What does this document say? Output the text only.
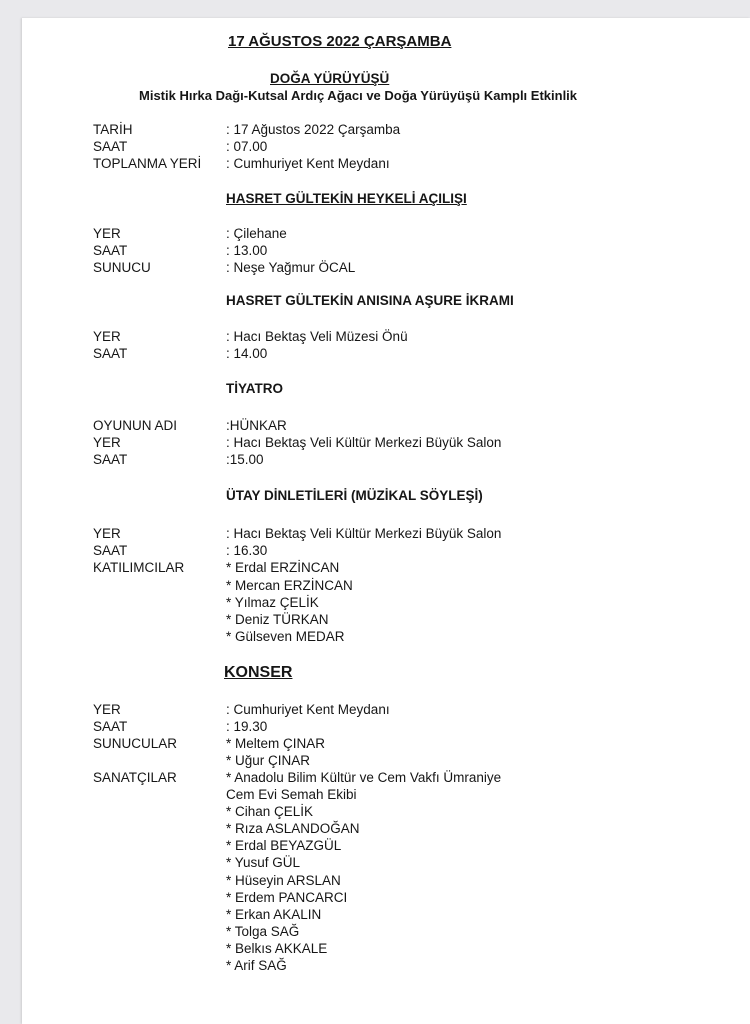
17 AĞUSTOS 2022 ÇARŞAMBA
DOĞA YÜRÜYÜŞÜ
Mistik Hırka Dağı-Kutsal Ardıç Ağacı ve Doğa Yürüyüşü Kamplı Etkinlik
HASRET GÜLTEKİN HEYKELİ AÇILIŞI
HASRET GÜLTEKİN ANISINA AŞURE İKRAMI
TİYATRO
ÜTAY DİNLETİLERİ (MÜZİKAL SÖYLEŞİ)
KONSER
TARİH	: 17 Ağustos 2022 Çarşamba
SAAT	: 07.00
TOPLANMA YERİ : Cumhuriyet Kent Meydanı
YER	: Çilehane
SAAT	: 13.00
SUNUCU	: Neşe Yağmur ÖCAL
YER	: Hacı Bektaş Veli Müzesi Önü
SAAT	: 14.00
OYUNUN ADI	:HÜNKAR
YER	: Hacı Bektaş Veli Kültür Merkezi Büyük Salon
SAAT	:15.00
YER	: Hacı Bektaş Veli Kültür Merkezi Büyük Salon
SAAT	: 16.30
KATILIMCILAR	* Erdal ERZİNCAN
* Mercan ERZİNCAN
* Yılmaz ÇELİK
* Deniz TÜRKAN
* Gülseven MEDAR
YER	: Cumhuriyet Kent Meydanı
SAAT	: 19.30
SUNUCULAR	* Meltem ÇINAR
* Uğur ÇINAR
SANATÇILAR	* Anadolu Bilim Kültür ve Cem Vakfı Ümraniye
Cem Evi Semah Ekibi
* Cihan ÇELİK
* Rıza ASLANDOĞAN
* Erdal BEYAZGÜL
* Yusuf GÜL
* Hüseyin ARSLAN
* Erdem PANCARCI
* Erkan AKALIN
* Tolga SAĞ
* Belkıs AKKALE
* Arif SAĞ
